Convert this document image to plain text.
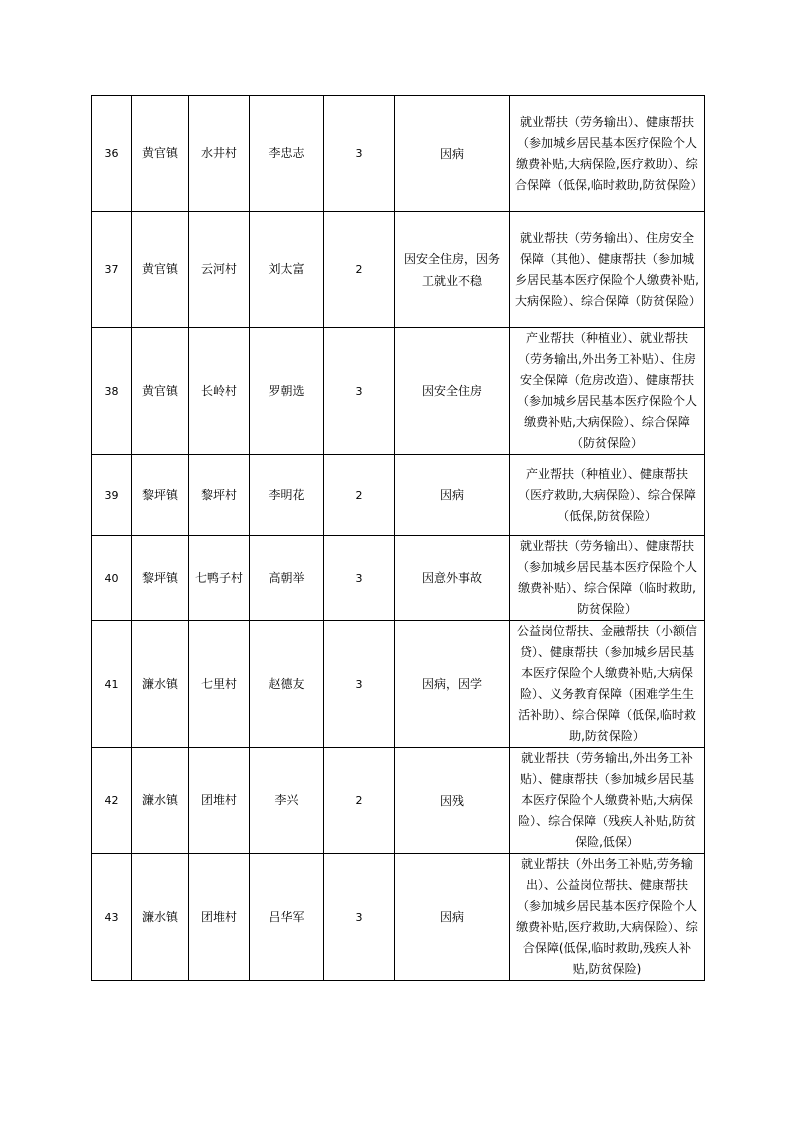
36	黄官镇	水井村	李忠志	3	因病	就业帮扶（劳务输出）、健康帮扶（参加城乡居民基本医疗保险个人缴费补贴,大病保险,医疗救助）、综合保障（低保,临时救助,防贫保险）
37	黄官镇	云河村	刘太富	2	因安全住房，因务工就业不稳	就业帮扶（劳务输出）、住房安全保障（其他）、健康帮扶（参加城乡居民基本医疗保险个人缴费补贴,大病保险）、综合保障（防贫保险）
38	黄官镇	长岭村	罗朝选	3	因安全住房	产业帮扶（种植业）、就业帮扶（劳务输出,外出务工补贴）、住房安全保障（危房改造）、健康帮扶（参加城乡居民基本医疗保险个人缴费补贴,大病保险）、综合保障（防贫保险）
39	黎坪镇	黎坪村	李明花	2	因病	产业帮扶（种植业）、健康帮扶（医疗救助,大病保险）、综合保障（低保,防贫保险）
40	黎坪镇	七鸭子村	高朝举	3	因意外事故	就业帮扶（劳务输出）、健康帮扶（参加城乡居民基本医疗保险个人缴费补贴）、综合保障（临时救助,防贫保险）
41	濂水镇	七里村	赵德友	3	因病，因学	公益岗位帮扶、金融帮扶（小额信贷）、健康帮扶（参加城乡居民基本医疗保险个人缴费补贴,大病保险）、义务教育保障（困难学生生活补助）、综合保障（低保,临时救助,防贫保险）
42	濂水镇	团堆村	李兴	2	因残	就业帮扶（劳务输出,外出务工补贴）、健康帮扶（参加城乡居民基本医疗保险个人缴费补贴,大病保险）、综合保障（残疾人补贴,防贫保险,低保）
43	濂水镇	团堆村	吕华军	3	因病	就业帮扶（外出务工补贴,劳务输出）、公益岗位帮扶、健康帮扶（参加城乡居民基本医疗保险个人缴费补贴,医疗救助,大病保险）、综合保障(低保,临时救助,残疾人补贴,防贫保险)
